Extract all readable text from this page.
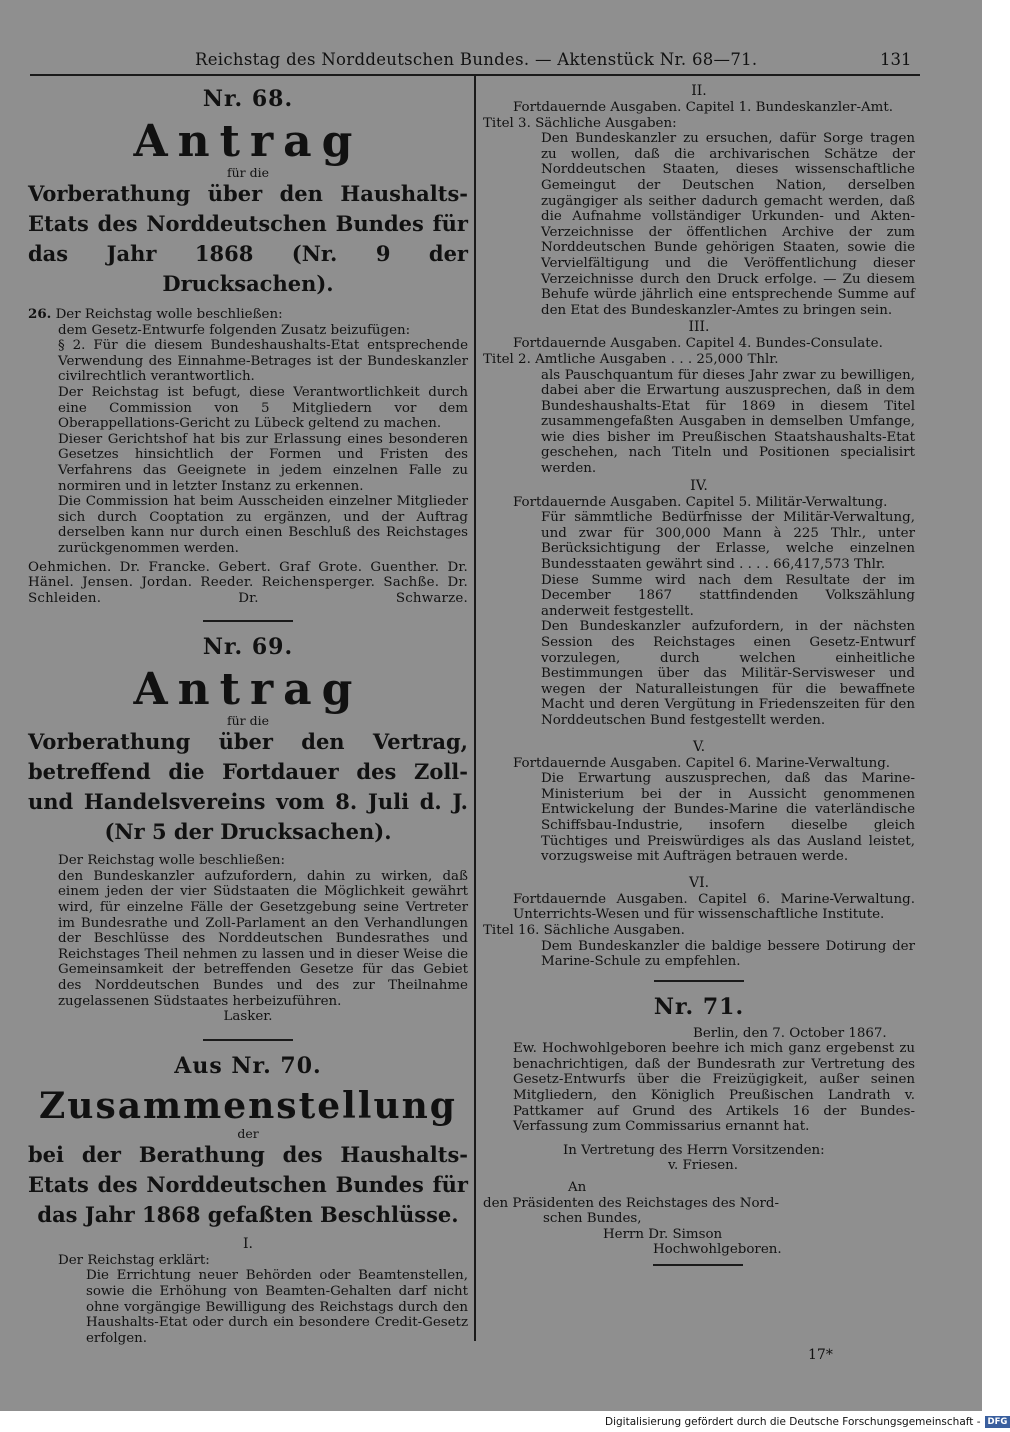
Reichstag des Norddeutschen Bundes. — Aktenstück Nr. 68—71.	131
Nr. 68.
Antrag
für die
Vorberathung über den Haushalts-Etats des Norddeutschen Bundes für das Jahr 1868 (Nr. 9 der Drucksachen).

26. Der Reichstag wolle beschließen:

dem Gesetz-Entwurfe folgenden Zusatz beizufügen:

§ 2. Für die diesem Bundeshaushalts-Etat entsprechende Verwendung des Einnahme-Betrages ist der Bundeskanzler civilrechtlich verantwortlich.

Der Reichstag ist befugt, diese Verantwortlichkeit durch eine Commission von 5 Mitgliedern vor dem Oberappellations-Gericht zu Lübeck geltend zu machen.

Dieser Gerichtshof hat bis zur Erlassung eines besonderen Gesetzes hinsichtlich der Formen und Fristen des Verfahrens das Geeignete in jedem einzelnen Falle zu normiren und in letzter Instanz zu erkennen.

Die Commission hat beim Ausscheiden einzelner Mitglieder sich durch Cooptation zu ergänzen, und der Auftrag derselben kann nur durch einen Beschluß des Reichstages zurückgenommen werden.

Oehmichen. Dr. Francke. Gebert. Graf Grote. Guenther. Dr. Hänel. Jensen. Jordan. Reeder. Reichensperger. Sachße. Dr. Schleiden. Dr. Schwarze.
Nr. 69.
Antrag
für die
Vorberathung über den Vertrag, betreffend die Fortdauer des Zoll- und Handelsvereins vom 8. Juli d. J. (Nr 5 der Drucksachen).

Der Reichstag wolle beschließen:

den Bundeskanzler aufzufordern, dahin zu wirken, daß einem jeden der vier Südstaaten die Möglichkeit gewährt wird, für einzelne Fälle der Gesetzgebung seine Vertreter im Bundesrathe und Zoll-Parlament an den Verhandlungen der Beschlüsse des Norddeutschen Bundesrathes und Reichstages Theil nehmen zu lassen und in dieser Weise die Gemeinsamkeit der betreffenden Gesetze für das Gebiet des Norddeutschen Bundes und des zur Theilnahme zugelassenen Südstaates herbeizuführen.

Lasker.
Aus Nr. 70.
Zusammenstellung
der
bei der Berathung des Haushalts-Etats des Norddeutschen Bundes für das Jahr 1868 gefaßten Beschlüsse.
I.

Der Reichstag erklärt:

Die Errichtung neuer Behörden oder Beamtenstellen, sowie die Erhöhung von Beamten-Gehalten darf nicht ohne vorgängige Bewilligung des Reichstags durch den Haushalts-Etat oder durch ein besondere Credit-Gesetz erfolgen.

II.

Fortdauernde Ausgaben. Capitel 1. Bundeskanzler-Amt.

Titel 3. Sächliche Ausgaben:

Den Bundeskanzler zu ersuchen, dafür Sorge tragen zu wollen, daß die archivarischen Schätze der Norddeutschen Staaten, dieses wissenschaftliche Gemeingut der Deutschen Nation, derselben zugängiger als seither dadurch gemacht werden, daß die Aufnahme vollständiger Urkunden- und Akten-Verzeichnisse der öffentlichen Archive der zum Norddeutschen Bunde gehörigen Staaten, sowie die Vervielfältigung und die Veröffentlichung dieser Verzeichnisse durch den Druck erfolge. — Zu diesem Behufe würde jährlich eine entsprechende Summe auf den Etat des Bundeskanzler-Amtes zu bringen sein.

III.

Fortdauernde Ausgaben. Capitel 4. Bundes-Consulate.

Titel 2. Amtliche Ausgaben . . . 25,000 Thlr.

als Pauschquantum für dieses Jahr zwar zu bewilligen, dabei aber die Erwartung auszusprechen, daß in dem Bundeshaushalts-Etat für 1869 in diesem Titel zusammengefaßten Ausgaben in demselben Umfange, wie dies bisher im Preußischen Staatshaushalts-Etat geschehen, nach Titeln und Positionen specialisirt werden.

IV.

Fortdauernde Ausgaben. Capitel 5. Militär-Verwaltung.

Für sämmtliche Bedürfnisse der Militär-Verwaltung, und zwar für 300,000 Mann à 225 Thlr., unter Berücksichtigung der Erlasse, welche einzelnen Bundesstaaten gewährt sind . . . . 66,417,573 Thlr.

Diese Summe wird nach dem Resultate der im December 1867 stattfindenden Volkszählung anderweit festgestellt.

Den Bundeskanzler aufzufordern, in der nächsten Session des Reichstages einen Gesetz-Entwurf vorzulegen, durch welchen einheitliche Bestimmungen über das Militär-Servisweser und wegen der Naturalleistungen für die bewaffnete Macht und deren Vergütung in Friedenszeiten für den Norddeutschen Bund festgestellt werden.

V.

Fortdauernde Ausgaben. Capitel 6. Marine-Verwaltung.

Die Erwartung auszusprechen, daß das Marine-Ministerium bei der in Aussicht genommenen Entwickelung der Bundes-Marine die vaterländische Schiffsbau-Industrie, insofern dieselbe gleich Tüchtiges und Preiswürdiges als das Ausland leistet, vorzugsweise mit Aufträgen betrauen werde.

VI.

Fortdauernde Ausgaben. Capitel 6. Marine-Verwaltung. Unterrichts-Wesen und für wissenschaftliche Institute.

Titel 16. Sächliche Ausgaben.

Dem Bundeskanzler die baldige bessere Dotirung der Marine-Schule zu empfehlen.

Nr. 71.

Berlin, den 7. October 1867.

Ew. Hochwohlgeboren beehre ich mich ganz ergebenst zu benachrichtigen, daß der Bundesrath zur Vertretung des Gesetz-Entwurfs über die Freizügigkeit, außer seinen Mitgliedern, den Königlich Preußischen Landrath v. Pattkamer auf Grund des Artikels 16 der Bundes-Verfassung zum Commissarius ernannt hat.

In Vertretung des Herrn Vorsitzenden:

v. Friesen.

An

den Präsidenten des Reichstages des Nord-

schen Bundes,

Herrn Dr. Simson

Hochwohlgeboren.

17*
Digitalisierung gefördert durch die Deutsche Forschungsgemeinschaft - DFG
